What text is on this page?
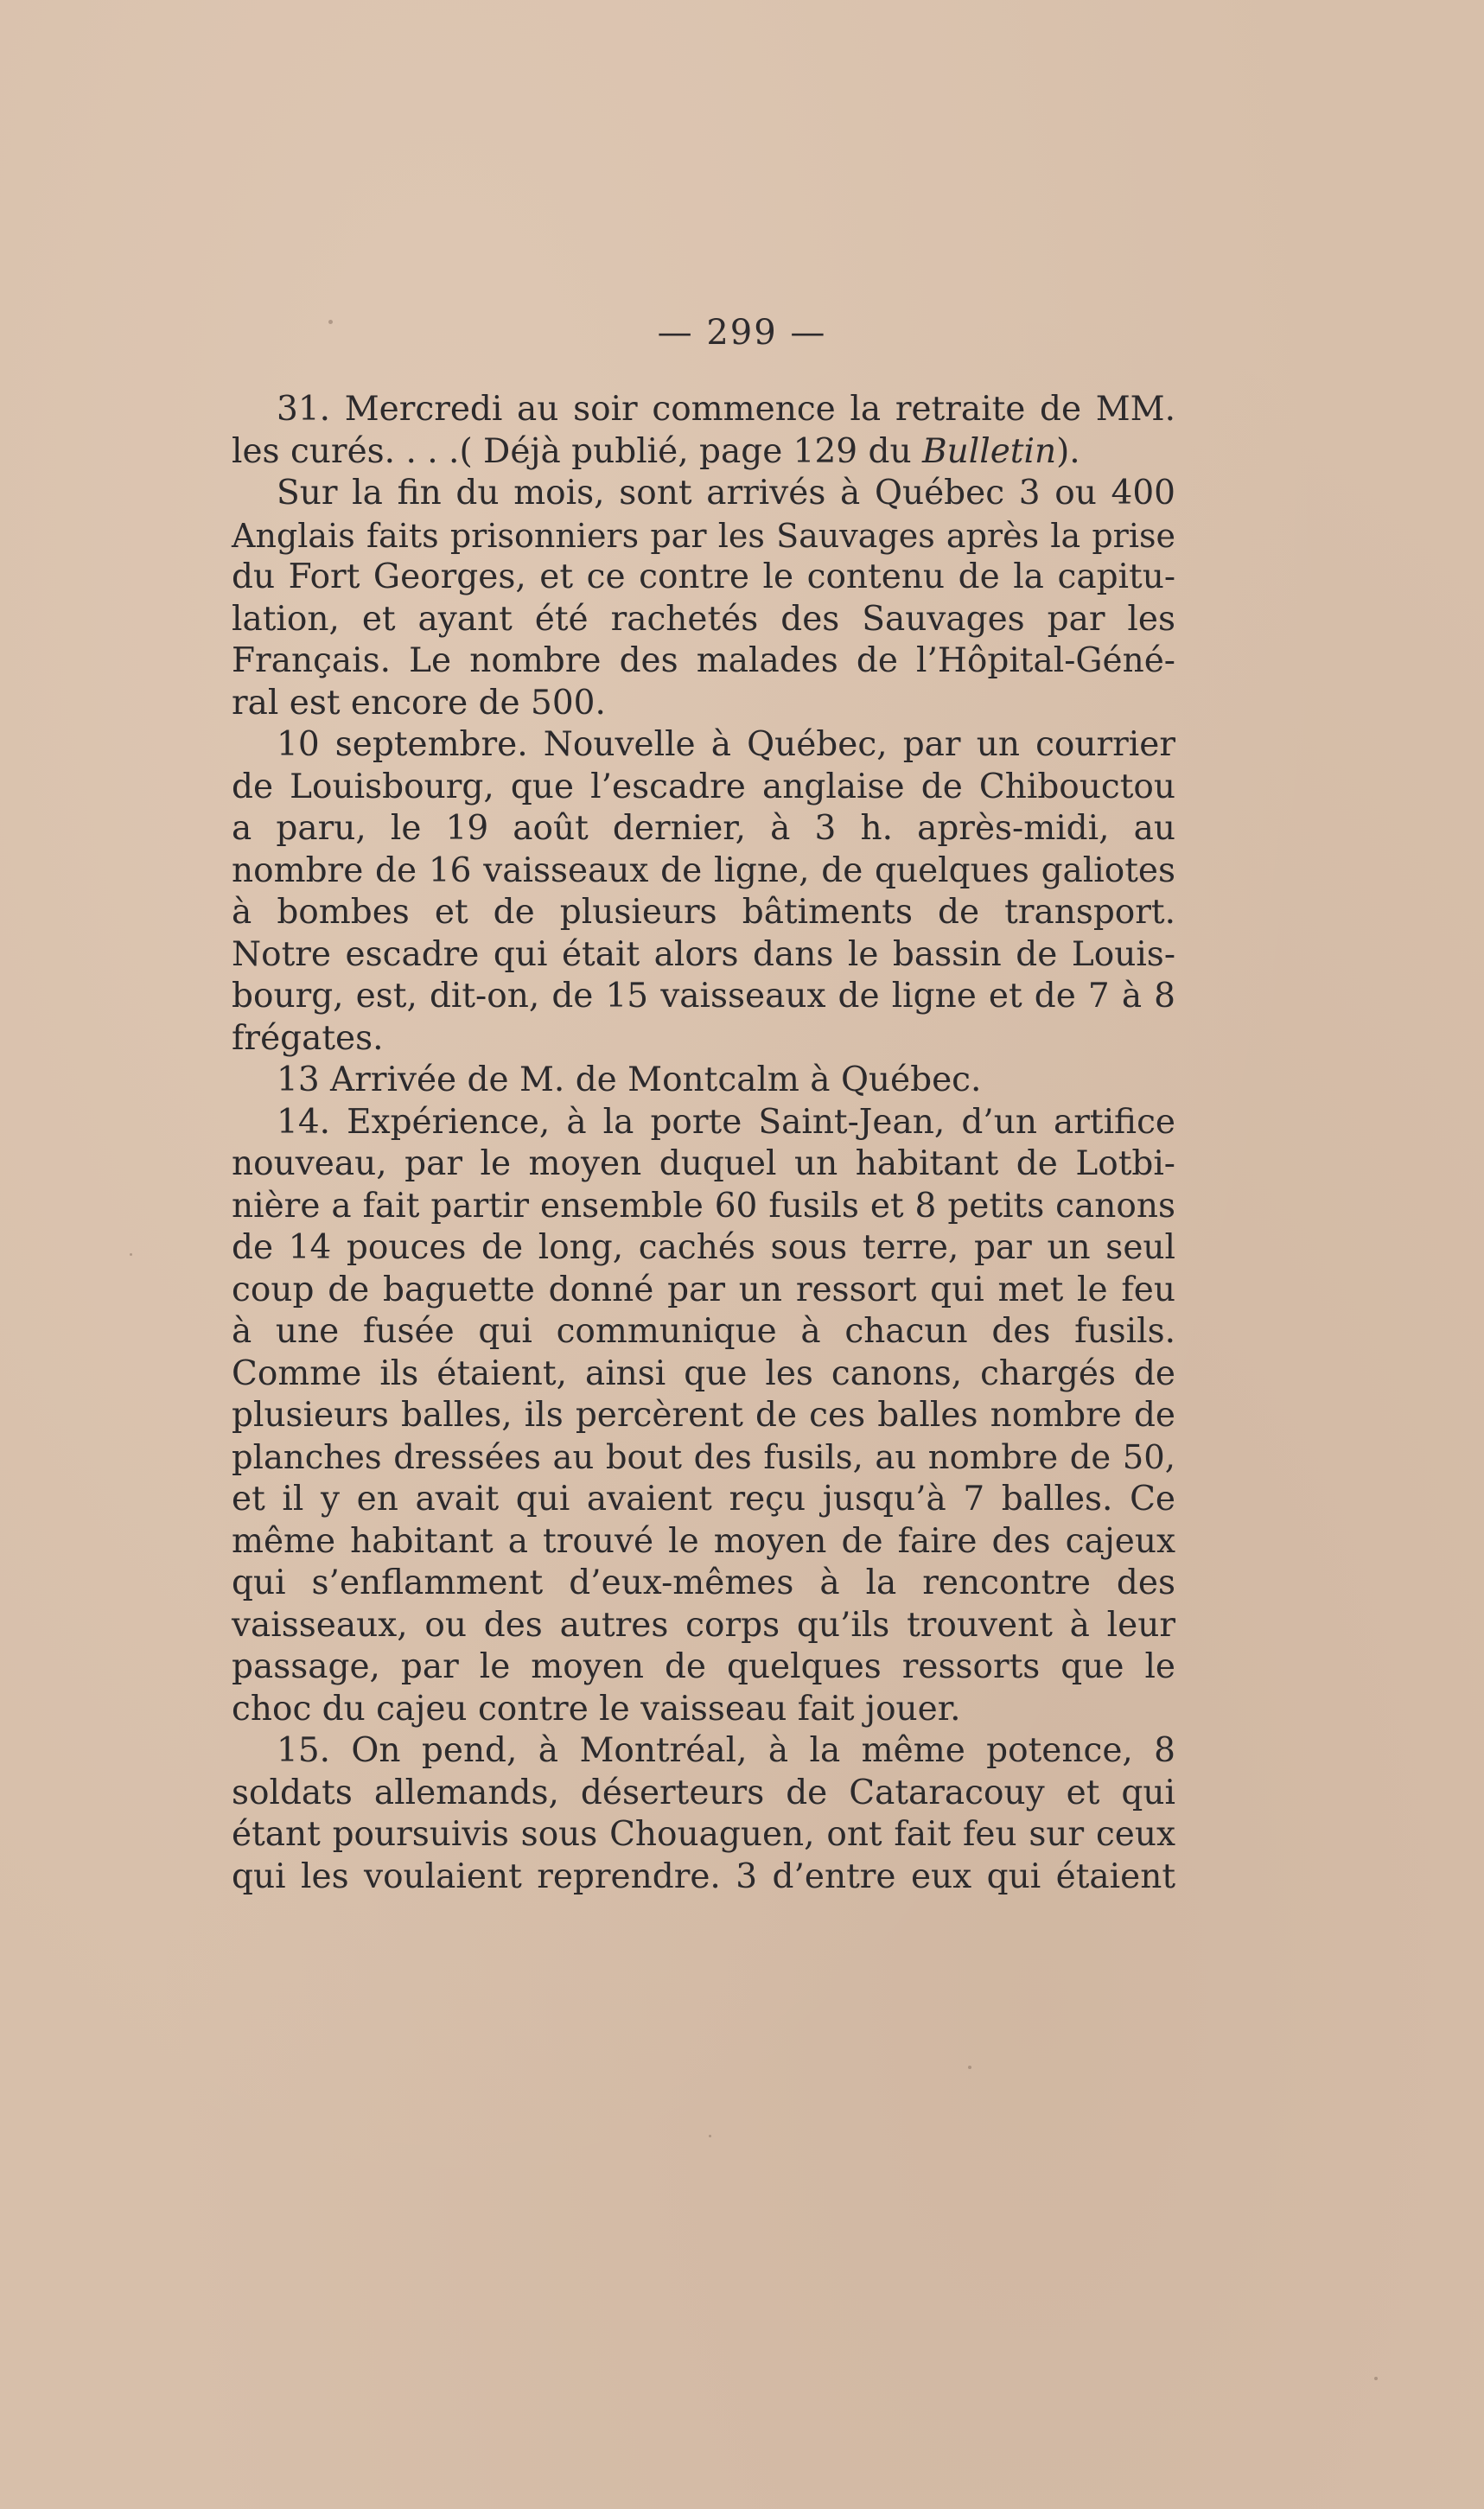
— 299 —
31. Mercredi au soir commence la retraite de MM.
les curés. . . .( Déjà publié, page 129 du Bulletin).
Sur la fin du mois, sont arrivés à Québec 3 ou 400
Anglais faits prisonniers par les Sauvages après la prise
du Fort Georges, et ce contre le contenu de la capitu-
lation, et ayant été rachetés des Sauvages par les
Français. Le nombre des malades de l’Hôpital-Géné-
ral est encore de 500.
10 septembre. Nouvelle à Québec, par un courrier
de Louisbourg, que l’escadre anglaise de Chibouctou
a paru, le 19 août dernier, à 3 h. après-midi, au
nombre de 16 vaisseaux de ligne, de quelques galiotes
à bombes et de plusieurs bâtiments de transport.
Notre escadre qui était alors dans le bassin de Louis-
bourg, est, dit-on, de 15 vaisseaux de ligne et de 7 à 8
frégates.
13 Arrivée de M. de Montcalm à Québec.
14. Expérience, à la porte Saint-Jean, d’un artifice
nouveau, par le moyen duquel un habitant de Lotbi-
nière a fait partir ensemble 60 fusils et 8 petits canons
de 14 pouces de long, cachés sous terre, par un seul
coup de baguette donné par un ressort qui met le feu
à une fusée qui communique à chacun des fusils.
Comme ils étaient, ainsi que les canons, chargés de
plusieurs balles, ils percèrent de ces balles nombre de
planches dressées au bout des fusils, au nombre de 50,
et il y en avait qui avaient reçu jusqu’à 7 balles. Ce
même habitant a trouvé le moyen de faire des cajeux
qui s’enflamment d’eux-mêmes à la rencontre des
vaisseaux, ou des autres corps qu’ils trouvent à leur
passage, par le moyen de quelques ressorts que le
choc du cajeu contre le vaisseau fait jouer.
15. On pend, à Montréal, à la même potence, 8
soldats allemands, déserteurs de Cataracouy et qui
étant poursuivis sous Chouaguen, ont fait feu sur ceux
qui les voulaient reprendre. 3 d’entre eux qui étaient
